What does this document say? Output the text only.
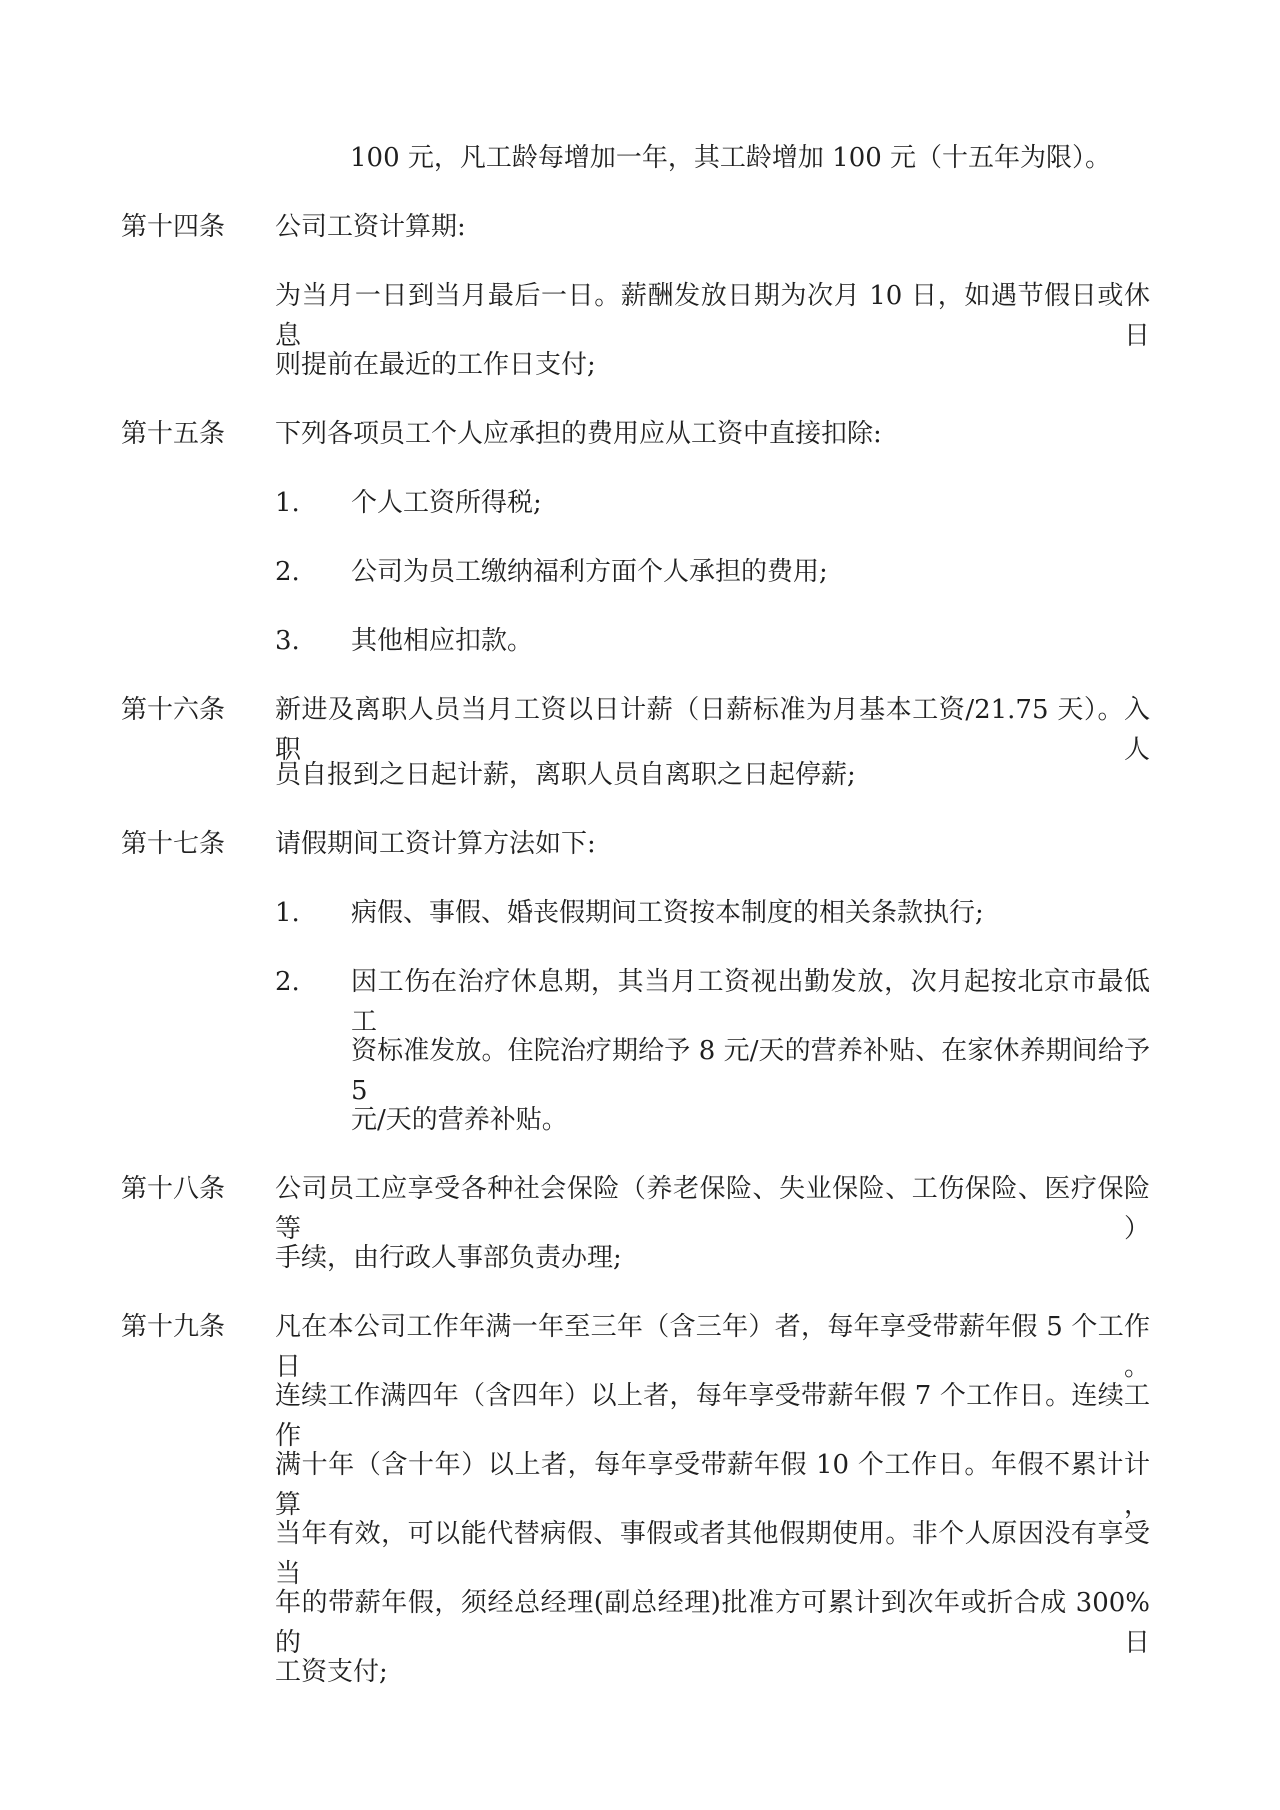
100 元，凡工龄每增加一年，其工龄增加 100 元（十五年为限）。
第十四条 公司工资计算期:
为当月一日到当月最后一日。薪酬发放日期为次月 10 日，如遇节假日或休息日
则提前在最近的工作日支付;
第十五条 下列各项员工个人应承担的费用应从工资中直接扣除:
1. 个人工资所得税;
2. 公司为员工缴纳福利方面个人承担的费用;
3. 其他相应扣款。
第十六条 新进及离职人员当月工资以日计薪（日薪标准为月基本工资/21.75 天）。入职人
员自报到之日起计薪，离职人员自离职之日起停薪;
第十七条 请假期间工资计算方法如下:
1. 病假、事假、婚丧假期间工资按本制度的相关条款执行;
2. 因工伤在治疗休息期，其当月工资视出勤发放，次月起按北京市最低工
资标准发放。住院治疗期给予 8 元/天的营养补贴、在家休养期间给予 5
元/天的营养补贴。
第十八条 公司员工应享受各种社会保险（养老保险、失业保险、工伤保险、医疗保险等）
手续，由行政人事部负责办理;
第十九条 凡在本公司工作年满一年至三年（含三年）者，每年享受带薪年假 5 个工作日。
连续工作满四年（含四年）以上者，每年享受带薪年假 7 个工作日。连续工作
满十年（含十年）以上者，每年享受带薪年假 10 个工作日。年假不累计计算，
当年有效，可以能代替病假、事假或者其他假期使用。非个人原因没有享受当
年的带薪年假，须经总经理(副总经理)批准方可累计到次年或折合成 300%的日
工资支付;
